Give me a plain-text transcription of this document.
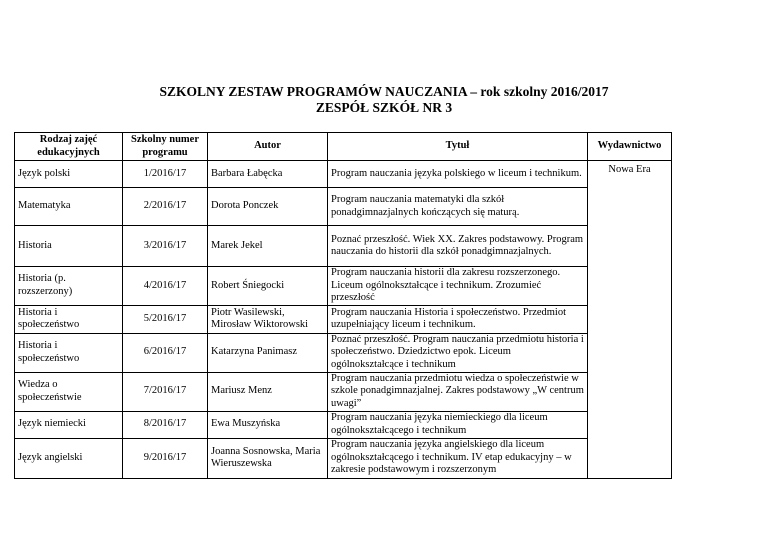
SZKOLNY ZESTAW PROGRAMÓW NAUCZANIA – rok szkolny 2016/2017
ZESPÓŁ SZKÓŁ NR 3
Rodzaj zajęć edukacyjnych	Szkolny numer programu	Autor	Tytuł	Wydawnictwo
Język polski	1/2016/17	Barbara Łabęcka	Program nauczania języka polskiego w liceum i technikum.	Nowa Era
Matematyka	2/2016/17	Dorota Ponczek	Program nauczania matematyki dla szkół ponadgimnazjalnych kończących się maturą.	
Historia	3/2016/17	Marek Jekel	Poznać przeszłość. Wiek XX. Zakres podstawowy. Program nauczania do historii dla szkół ponadgimnazjalnych.	
Historia (p. rozszerzony)	4/2016/17	Robert Śniegocki	Program nauczania historii dla zakresu rozszerzonego. Liceum ogólnokształcące i technikum. Zrozumieć przeszłość	
Historia i społeczeństwo	5/2016/17	Piotr Wasilewski, Mirosław Wiktorowski	Program nauczania Historia i społeczeństwo. Przedmiot uzupełniający liceum i technikum.	
Historia i społeczeństwo	6/2016/17	Katarzyna Panimasz	Poznać przeszłość. Program nauczania przedmiotu historia i społeczeństwo. Dziedzictwo epok. Liceum ogólnokształcące i technikum	
Wiedza o społeczeństwie	7/2016/17	Mariusz Menz	Program nauczania przedmiotu wiedza o społeczeństwie w szkole ponadgimnazjalnej. Zakres podstawowy „W centrum uwagi”	
Język niemiecki	8/2016/17	Ewa Muszyńska	Program nauczania języka niemieckiego dla liceum ogólnokształcącego i technikum	
Język angielski	9/2016/17	Joanna Sosnowska, Maria Wieruszewska	Program nauczania języka angielskiego dla liceum ogólnokształcącego i technikum. IV etap edukacyjny – w zakresie podstawowym i rozszerzonym	
